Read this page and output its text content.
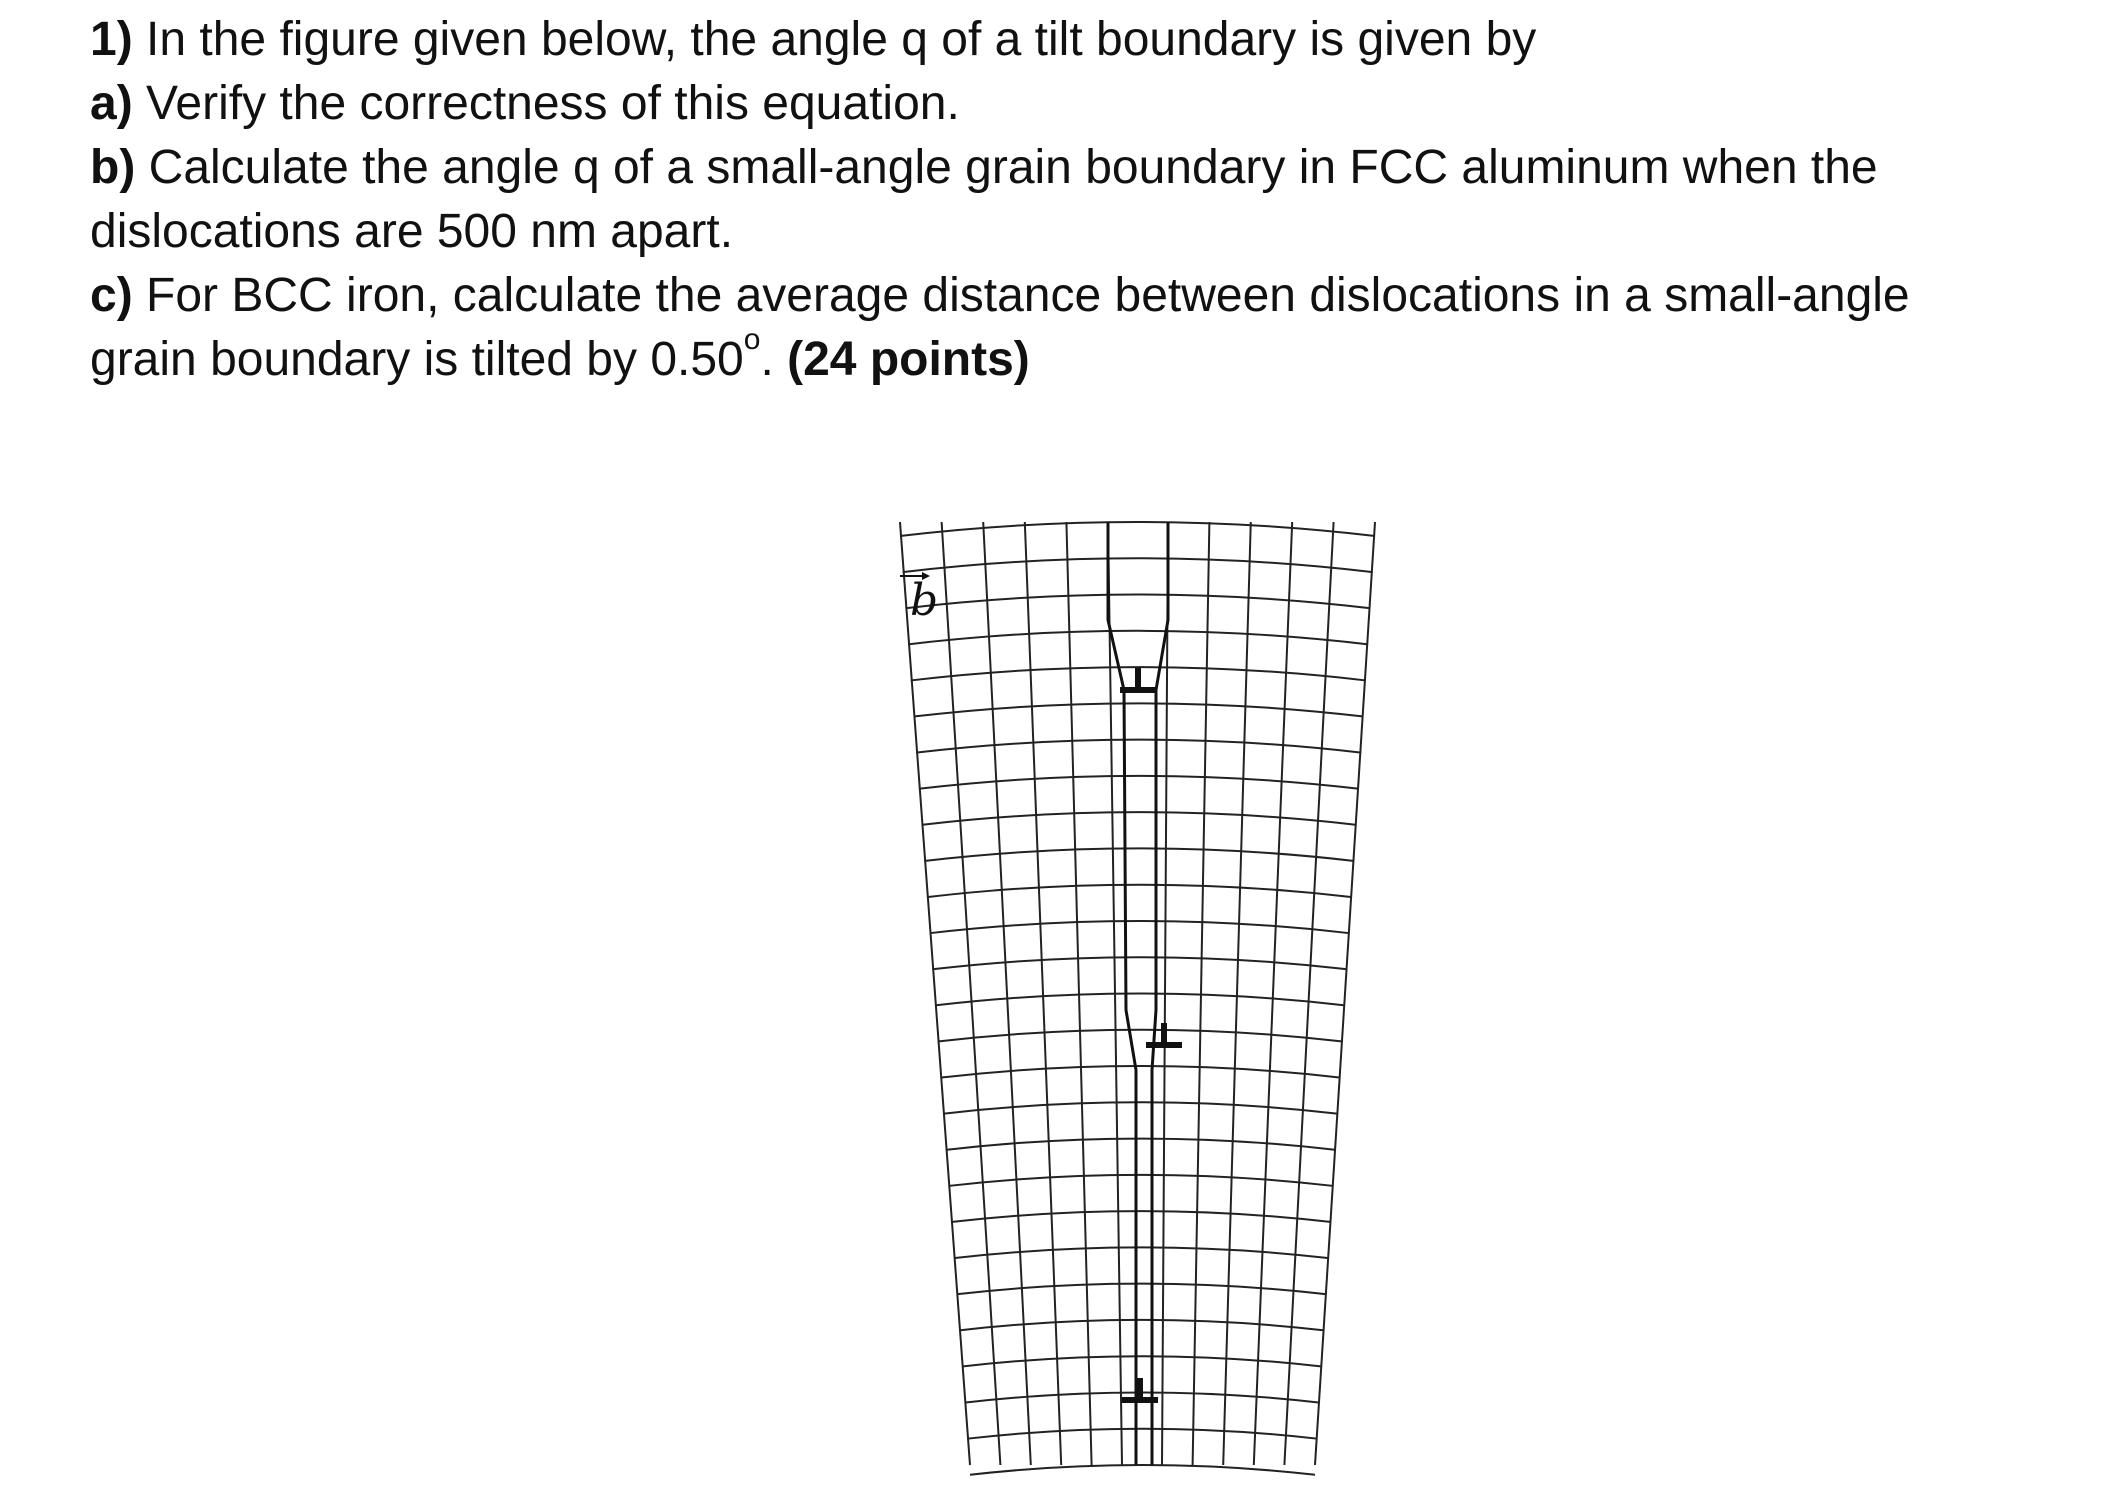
1) In the figure given below, the angle q of a tilt boundary is given by

a) Verify the correctness of this equation.

b) Calculate the angle q of a small-angle grain boundary in FCC aluminum when the

dislocations are 500 nm apart.

c) For BCC iron, calculate the average distance between dislocations in a small-angle

grain boundary is tilted by 0.50$^o$. (24 points)

b
